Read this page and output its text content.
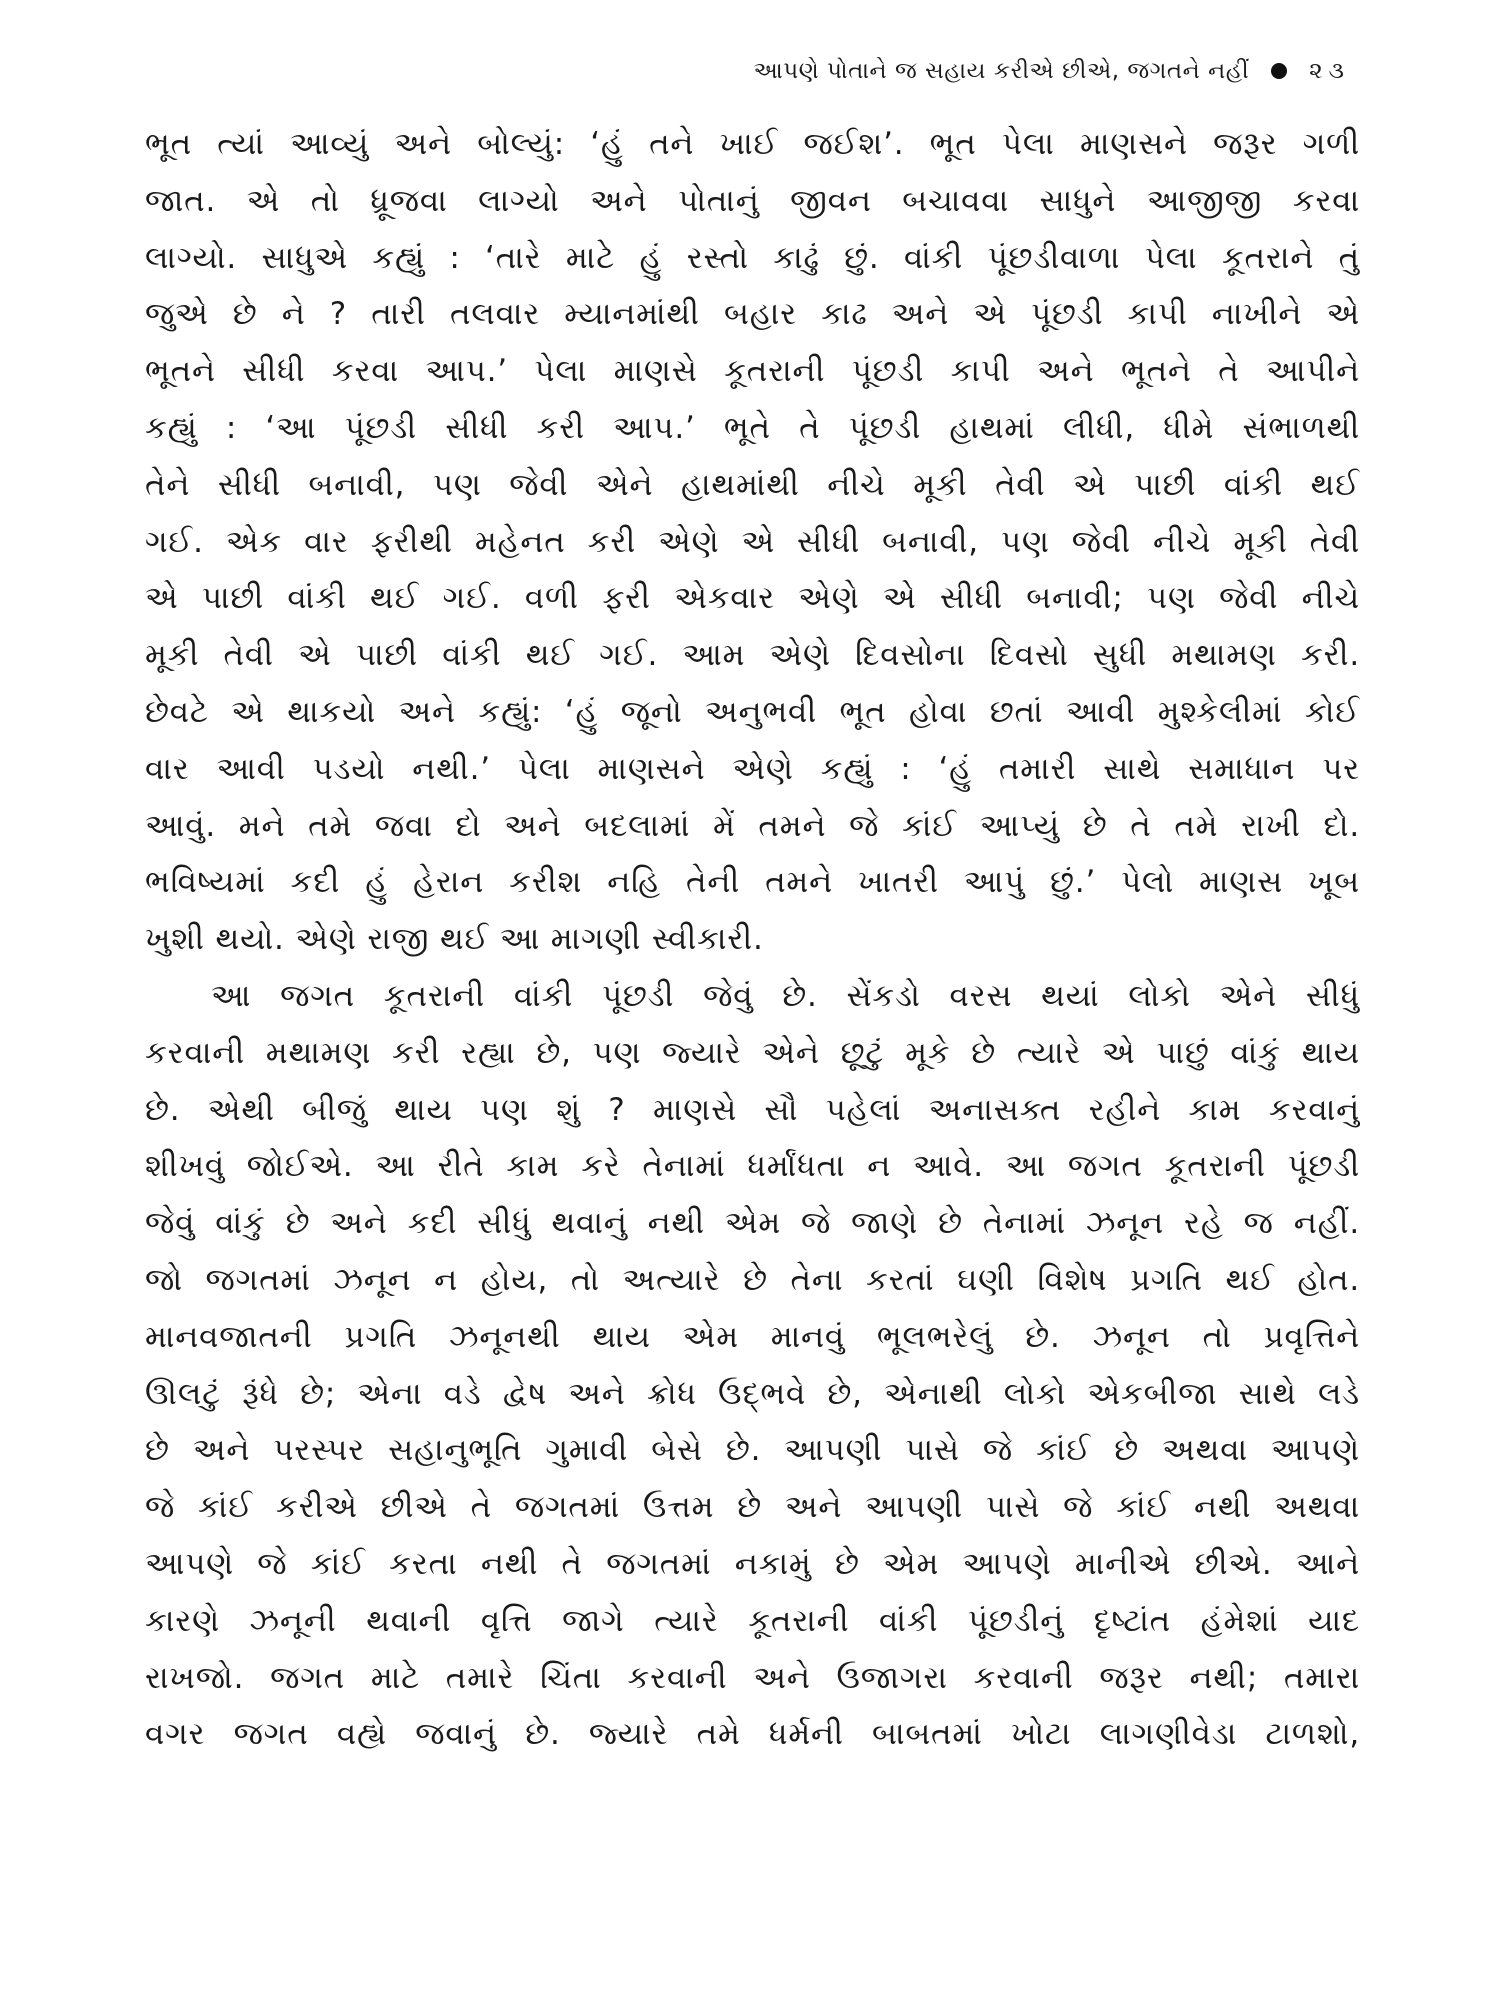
આપણે પોતાને જ સહાય કરીએ છીએ, જગતને નહીં	૨૩
ભૂત ત્યાં આવ્યું અને બોલ્યું: ‘હું તને ખાઈ જઈશ’. ભૂત પેલા માણસને જરૂર ગળી
જાત. એ તો ધ્રૂજવા લાગ્યો અને પોતાનું જીવન બચાવવા સાધુને આજીજી કરવા
લાગ્યો. સાધુએ કહ્યું : ‘તારે માટે હું રસ્તો કાઢું છું. વાંકી પૂંછડીવાળા પેલા કૂતરાને તું
જુએ છે ને ? તારી તલવાર મ્યાનમાંથી બહાર કાઢ અને એ પૂંછડી કાપી નાખીને એ
ભૂતને સીધી કરવા આપ.’ પેલા માણસે કૂતરાની પૂંછડી કાપી અને ભૂતને તે આપીને
કહ્યું : ‘આ પૂંછડી સીધી કરી આપ.’ ભૂતે તે પૂંછડી હાથમાં લીધી, ધીમે સંભાળથી
તેને સીધી બનાવી, પણ જેવી એને હાથમાંથી નીચે મૂકી તેવી એ પાછી વાંકી થઈ
ગઈ. એક વાર ફરીથી મહેનત કરી એણે એ સીધી બનાવી, પણ જેવી નીચે મૂકી તેવી
એ પાછી વાંકી થઈ ગઈ. વળી ફરી એકવાર એણે એ સીધી બનાવી; પણ જેવી નીચે
મૂકી તેવી એ પાછી વાંકી થઈ ગઈ. આમ એણે દિવસોના દિવસો સુધી મથામણ કરી.
છેવટે એ થાકયો અને કહ્યું: ‘હું જૂનો અનુભવી ભૂત હોવા છતાં આવી મુશ્કેલીમાં કોઈ
વાર આવી પડયો નથી.’ પેલા માણસને એણે કહ્યું : ‘હું તમારી સાથે સમાધાન પર
આવું. મને તમે જવા દો અને બદલામાં મેં તમને જે કાંઈ આપ્યું છે તે તમે રાખી દો.
ભવિષ્યમાં કદી હું હેરાન કરીશ નહિ તેની તમને ખાતરી આપું છું.’ પેલો માણસ ખૂબ
ખુશી થયો. એણે રાજી થઈ આ માગણી સ્વીકારી.
આ જગત કૂતરાની વાંકી પૂંછડી જેવું છે. સેંકડો વરસ થયાં લોકો એને સીધું
કરવાની મથામણ કરી રહ્યા છે, પણ જ્યારે એને છૂટું મૂકે છે ત્યારે એ પાછું વાંકું થાય
છે. એથી બીજું થાય પણ શું ? માણસે સૌ પહેલાં અનાસક્ત રહીને કામ કરવાનું
શીખવું જોઈએ. આ રીતે કામ કરે તેનામાં ધર્માંધતા ન આવે. આ જગત કૂતરાની પૂંછડી
જેવું વાંકું છે અને કદી સીધું થવાનું નથી એમ જે જાણે છે તેનામાં ઝનૂન રહે જ નહીં.
જો જગતમાં ઝનૂન ન હોય, તો અત્યારે છે તેના કરતાં ઘણી વિશેષ પ્રગતિ થઈ હોત.
માનવજાતની પ્રગતિ ઝનૂનથી થાય એમ માનવું ભૂલભરેલું છે. ઝનૂન તો પ્રવૃત્તિને
ઊલટું રૂંધે છે; એના વડે દ્વેષ અને ક્રોધ ઉદ્ભવે છે, એનાથી લોકો એકબીજા સાથે લડે
છે અને પરસ્પર સહાનુભૂતિ ગુમાવી બેસે છે. આપણી પાસે જે કાંઈ છે અથવા આપણે
જે કાંઈ કરીએ છીએ તે જગતમાં ઉત્તમ છે અને આપણી પાસે જે કાંઈ નથી અથવા
આપણે જે કાંઈ કરતા નથી તે જગતમાં નકામું છે એમ આપણે માનીએ છીએ. આને
કારણે ઝનૂની થવાની વૃત્તિ જાગે ત્યારે કૂતરાની વાંકી પૂંછડીનું દૃષ્ટાંત હંમેશાં યાદ
રાખજો. જગત માટે તમારે ચિંતા કરવાની અને ઉજાગરા કરવાની જરૂર નથી; તમારા
વગર જગત વહ્યે જવાનું છે. જ્યારે તમે ધર્મની બાબતમાં ખોટા લાગણીવેડા ટાળશો,
